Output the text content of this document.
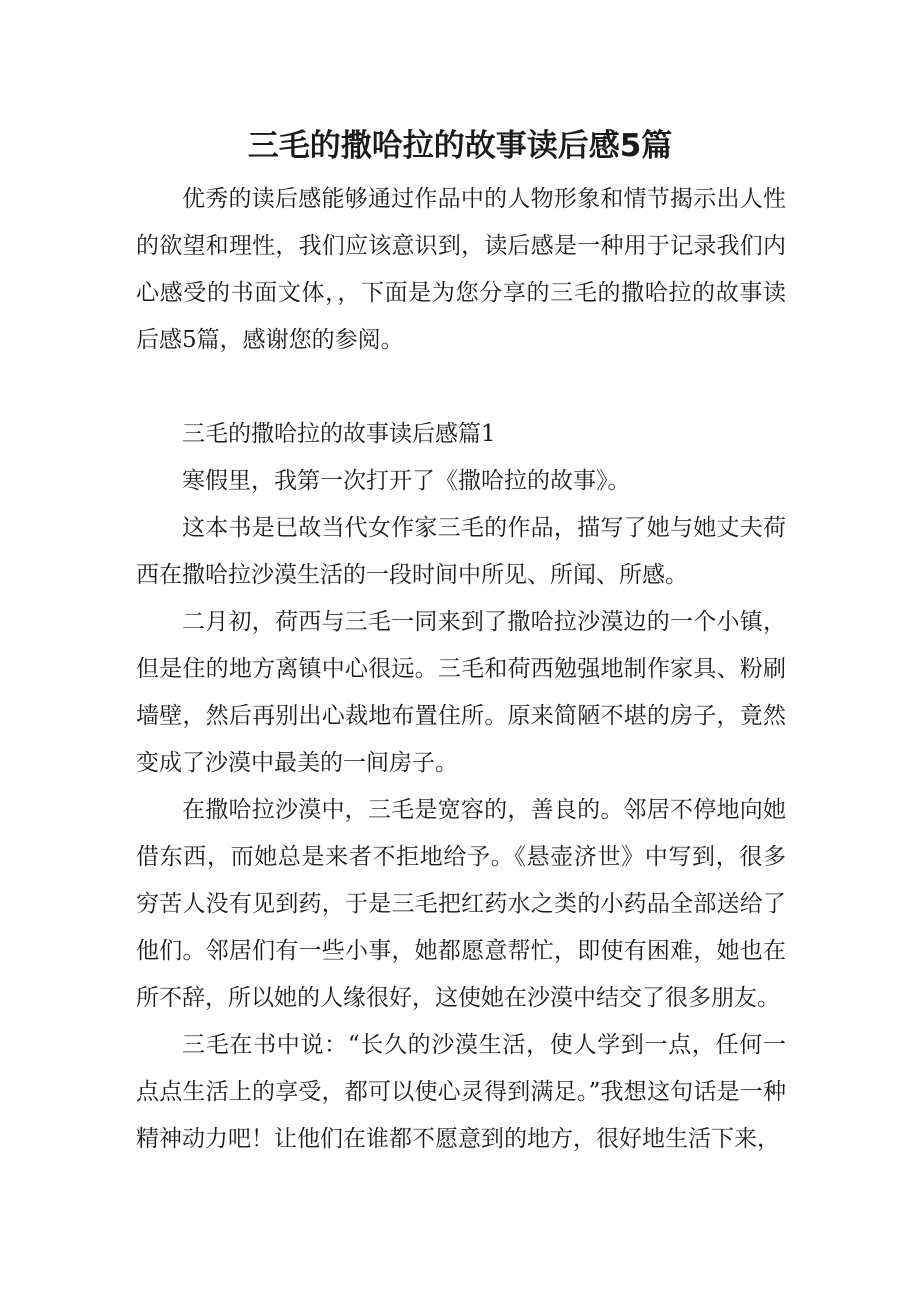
三毛的撒哈拉的故事读后感5篇

优秀的读后感能够通过作品中的人物形象和情节揭示出人性的欲望和理性，我们应该意识到，读后感是一种用于记录我们内心感受的书面文体，，下面是为您分享的三毛的撒哈拉的故事读后感5篇，感谢您的参阅。

三毛的撒哈拉的故事读后感篇1

寒假里，我第一次打开了《撒哈拉的故事》。

这本书是已故当代女作家三毛的作品，描写了她与她丈夫荷西在撒哈拉沙漠生活的一段时间中所见、所闻、所感。

二月初，荷西与三毛一同来到了撒哈拉沙漠边的一个小镇，但是住的地方离镇中心很远。三毛和荷西勉强地制作家具、粉刷墙壁，然后再别出心裁地布置住所。原来简陋不堪的房子，竟然变成了沙漠中最美的一间房子。

在撒哈拉沙漠中，三毛是宽容的，善良的。邻居不停地向她借东西，而她总是来者不拒地给予。《悬壶济世》中写到，很多穷苦人没有见到药，于是三毛把红药水之类的小药品全部送给了他们。邻居们有一些小事，她都愿意帮忙，即使有困难，她也在所不辞，所以她的人缘很好，这使她在沙漠中结交了很多朋友。

三毛在书中说：“长久的沙漠生活，使人学到一点，任何一点点生活上的享受，都可以使心灵得到满足。”我想这句话是一种精神动力吧！让他们在谁都不愿意到的地方，很好地生活下来，
